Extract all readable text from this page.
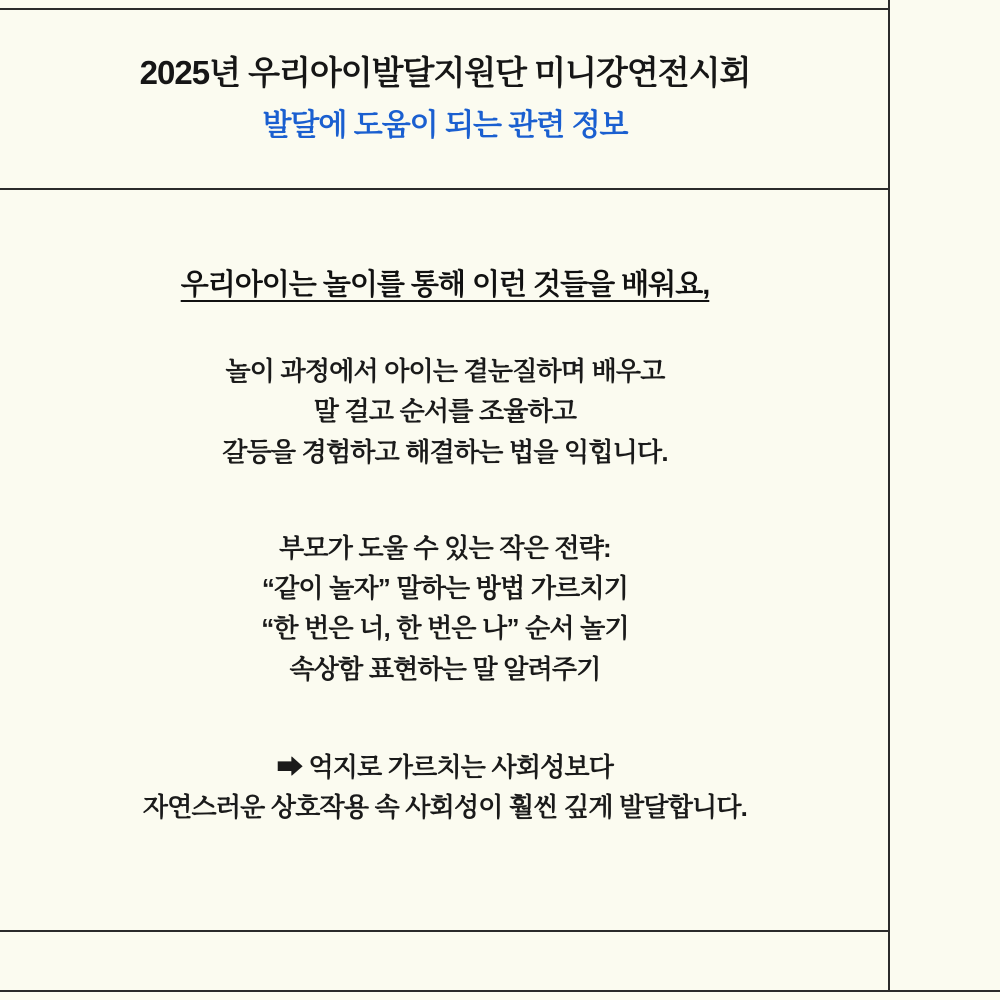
2025년 우리아이발달지원단 미니강연전시회
발달에 도움이 되는 관련 정보
우리아이는 놀이를 통해 이런 것들을 배워요,
놀이 과정에서 아이는 곁눈질하며 배우고
말 걸고 순서를 조율하고
갈등을 경험하고 해결하는 법을 익힙니다.
부모가 도울 수 있는 작은 전략:
“같이 놀자” 말하는 방법 가르치기
“한 번은 너, 한 번은 나” 순서 놀기
속상함 표현하는 말 알려주기
➡ 억지로 가르치는 사회성보다
자연스러운 상호작용 속 사회성이 훨씬 깊게 발달합니다.
